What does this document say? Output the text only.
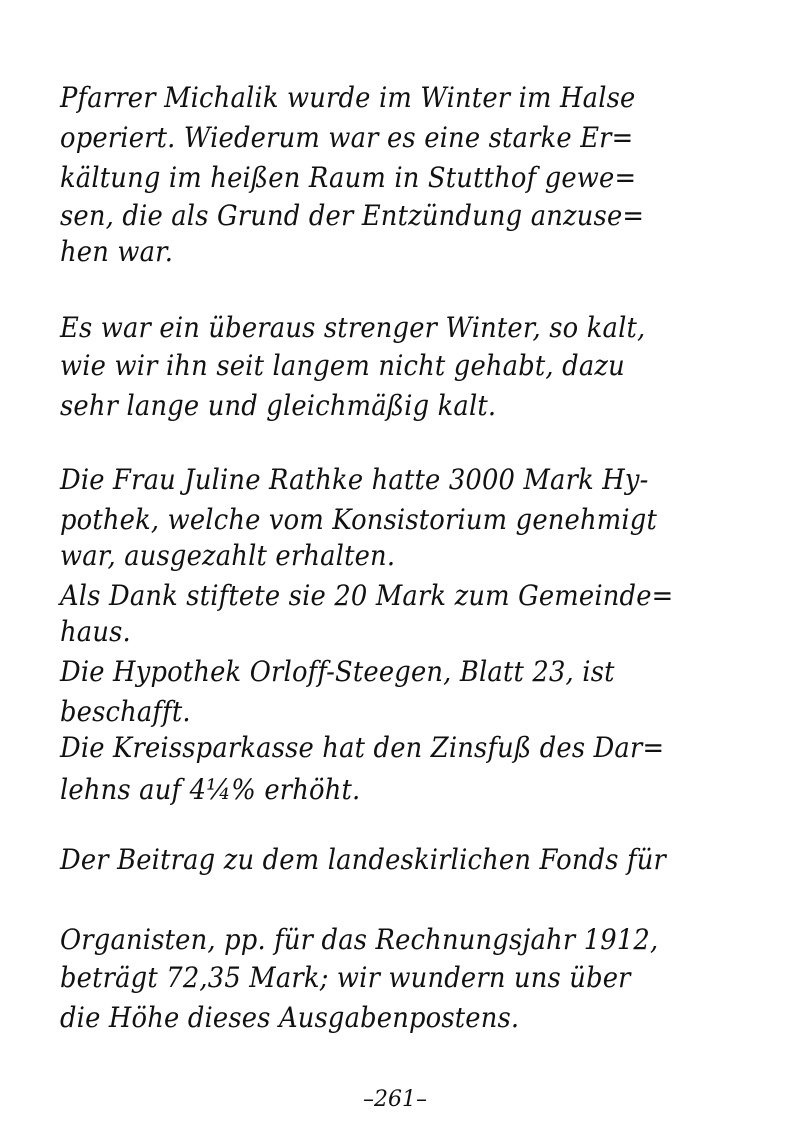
Pfarrer Michalik wurde im Winter im Halse
operiert. Wiederum war es eine starke Er=
kältung im heißen Raum in Stutthof gewe=
sen, die als Grund der Entzündung anzuse=
hen war.
Es war ein überaus strenger Winter, so kalt,
wie wir ihn seit langem nicht gehabt, dazu
sehr lange und gleichmäßig kalt.
Die Frau Juline Rathke hatte 3000 Mark Hy-
pothek, welche vom Konsistorium genehmigt
war, ausgezahlt erhalten.
Als Dank stiftete sie 20 Mark zum Gemeinde=
haus.
Die Hypothek Orloff-Steegen, Blatt 23, ist
beschafft.
Die Kreissparkasse hat den Zinsfuß des Dar=
lehns auf 4¼% erhöht.
Der Beitrag zu dem landeskirlichen Fonds für
Organisten, pp. für das Rechnungsjahr 1912,
beträgt 72,35 Mark; wir wundern uns über
die Höhe dieses Ausgabenpostens.
–261–
